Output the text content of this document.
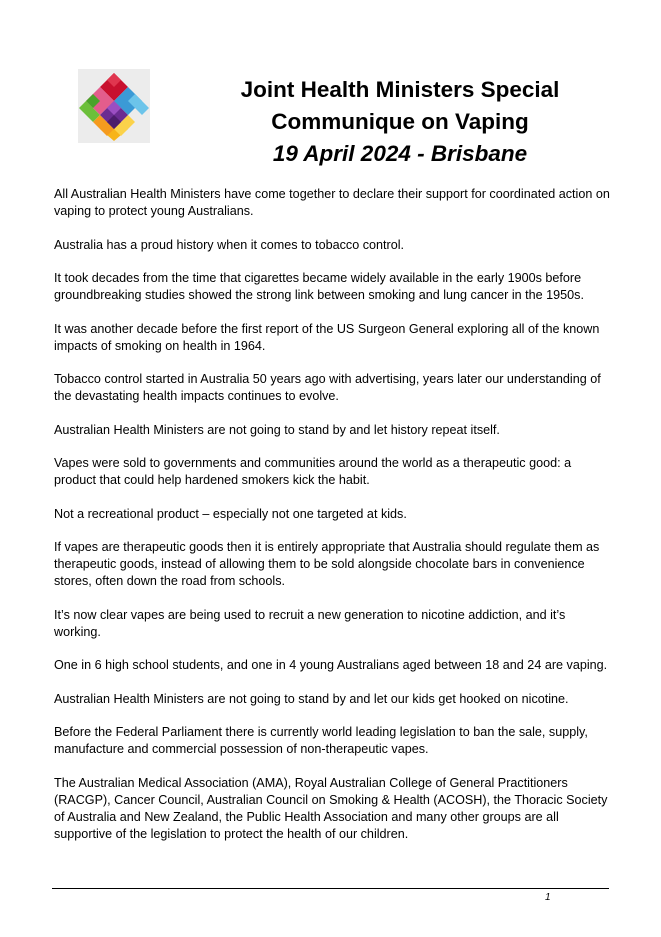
Joint Health Ministers Special
Communique on Vaping
19 April 2024 - Brisbane

All Australian Health Ministers have come together to declare their support for coordinated action on vaping to protect young Australians.

Australia has a proud history when it comes to tobacco control.

It took decades from the time that cigarettes became widely available in the early 1900s before groundbreaking studies showed the strong link between smoking and lung cancer in the 1950s.

It was another decade before the first report of the US Surgeon General exploring all of the known impacts of smoking on health in 1964.

Tobacco control started in Australia 50 years ago with advertising, years later our understanding of the devastating health impacts continues to evolve.

Australian Health Ministers are not going to stand by and let history repeat itself.

Vapes were sold to governments and communities around the world as a therapeutic good: a product that could help hardened smokers kick the habit.

Not a recreational product – especially not one targeted at kids.

If vapes are therapeutic goods then it is entirely appropriate that Australia should regulate them as therapeutic goods, instead of allowing them to be sold alongside chocolate bars in convenience stores, often down the road from schools.

It’s now clear vapes are being used to recruit a new generation to nicotine addiction, and it’s working.

One in 6 high school students, and one in 4 young Australians aged between 18 and 24 are vaping.

Australian Health Ministers are not going to stand by and let our kids get hooked on nicotine.

Before the Federal Parliament there is currently world leading legislation to ban the sale, supply, manufacture and commercial possession of non-therapeutic vapes.

The Australian Medical Association (AMA), Royal Australian College of General Practitioners (RACGP), Cancer Council, Australian Council on Smoking & Health (ACOSH), the Thoracic Society of Australia and New Zealand, the Public Health Association and many other groups are all supportive of the legislation to protect the health of our children.

1
